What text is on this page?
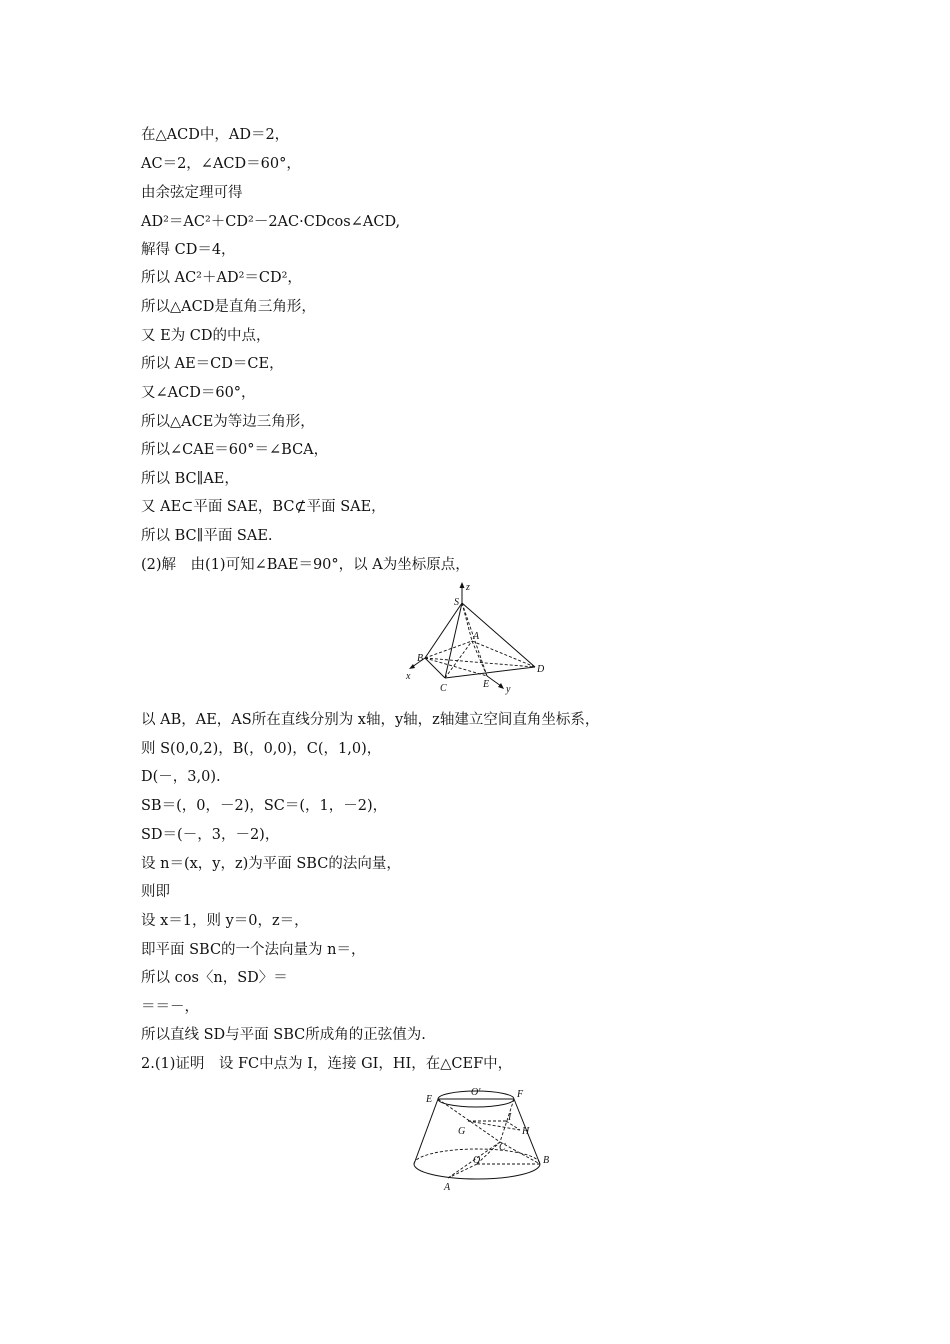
在△ACD中，AD＝2，
AC＝2，∠ACD＝60°，
由余弦定理可得
AD²＝AC²＋CD²－2AC·CDcos∠ACD,
解得 CD＝4，
所以 AC²＋AD²＝CD²，
所以△ACD是直角三角形，
又 E为 CD的中点，
所以 AE＝CD＝CE，
又∠ACD＝60°，
所以△ACE为等边三角形，
所以∠CAE＝60°＝∠BCA，
所以 BC∥AE，
又 AE⊂平面 SAE，BC⊄平面 SAE，
所以 BC∥平面 SAE.
(2)解　由(1)可知∠BAE＝90°，以 A为坐标原点，
S
z
A
B
C
D
E
x
y
以 AB，AE，AS所在直线分别为 x轴，y轴，z轴建立空间直角坐标系，
则 S(0,0,2)，B(，0,0)，C(，1,0)，
D(－，3,0).
SB＝(，0，－2)，SC＝(，1，－2)，
SD＝(－，3，－2)，
设 n＝(x，y，z)为平面 SBC的法向量，
则即
设 x＝1，则 y＝0，z＝，
即平面 SBC的一个法向量为 n＝，
所以 cos〈n，SD〉＝
＝＝－，
所以直线 SD与平面 SBC所成角的正弦值为.
2.(1)证明　设 FC中点为 I，连接 GI，HI，在△CEF中，
E
O′	F
I
G	H
C
O	B
A
